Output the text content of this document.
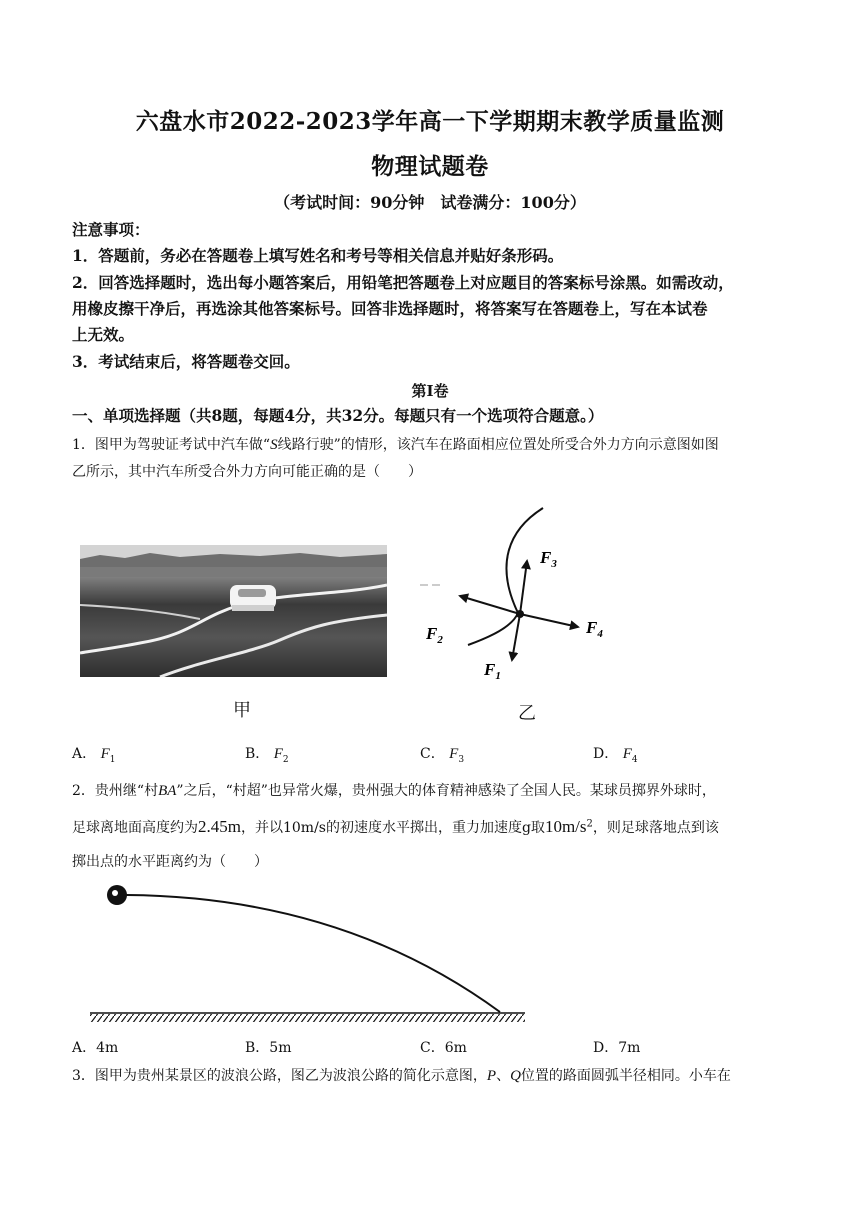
六盘水市2022-2023学年高一下学期期末教学质量监测
物理试题卷
（考试时间：90分钟　试卷满分：100分）
注意事项：
1．答题前，务必在答题卷上填写姓名和考号等相关信息并贴好条形码。
2．回答选择题时，选出每小题答案后，用铅笔把答题卷上对应题目的答案标号涂黑。如需改动，
用橡皮擦干净后，再选涂其他答案标号。回答非选择题时，将答案写在答题卷上，写在本试卷
上无效。
3．考试结束后，将答题卷交回。
第I卷
一、单项选择题（共8题，每题4分，共32分。每题只有一个选项符合题意。）
1．图甲为驾驶证考试中汽车做“S线路行驶”的情形，该汽车在路面相应位置处所受合外力方向示意图如图
乙所示，其中汽车所受合外力方向可能正确的是（　　）
甲
$F_3$
$F_2$
$F_4$
$F_1$
乙
A． $F_1$	B． $F_2$	C． $F_3$	D． $F_4$
2．贵州继“村BA”之后，“村超”也异常火爆，贵州强大的体育精神感染了全国人民。某球员掷界外球时，
足球离地面高度约为2.45m，并以10m/s的初速度水平掷出，重力加速度g取$10m/s^2$，则足球落地点到该
掷出点的水平距离约为（　　）
A．4m	B．5m	C．6m	D．7m
3．图甲为贵州某景区的波浪公路，图乙为波浪公路的简化示意图，P、Q位置的路面圆弧半径相同。小车在
